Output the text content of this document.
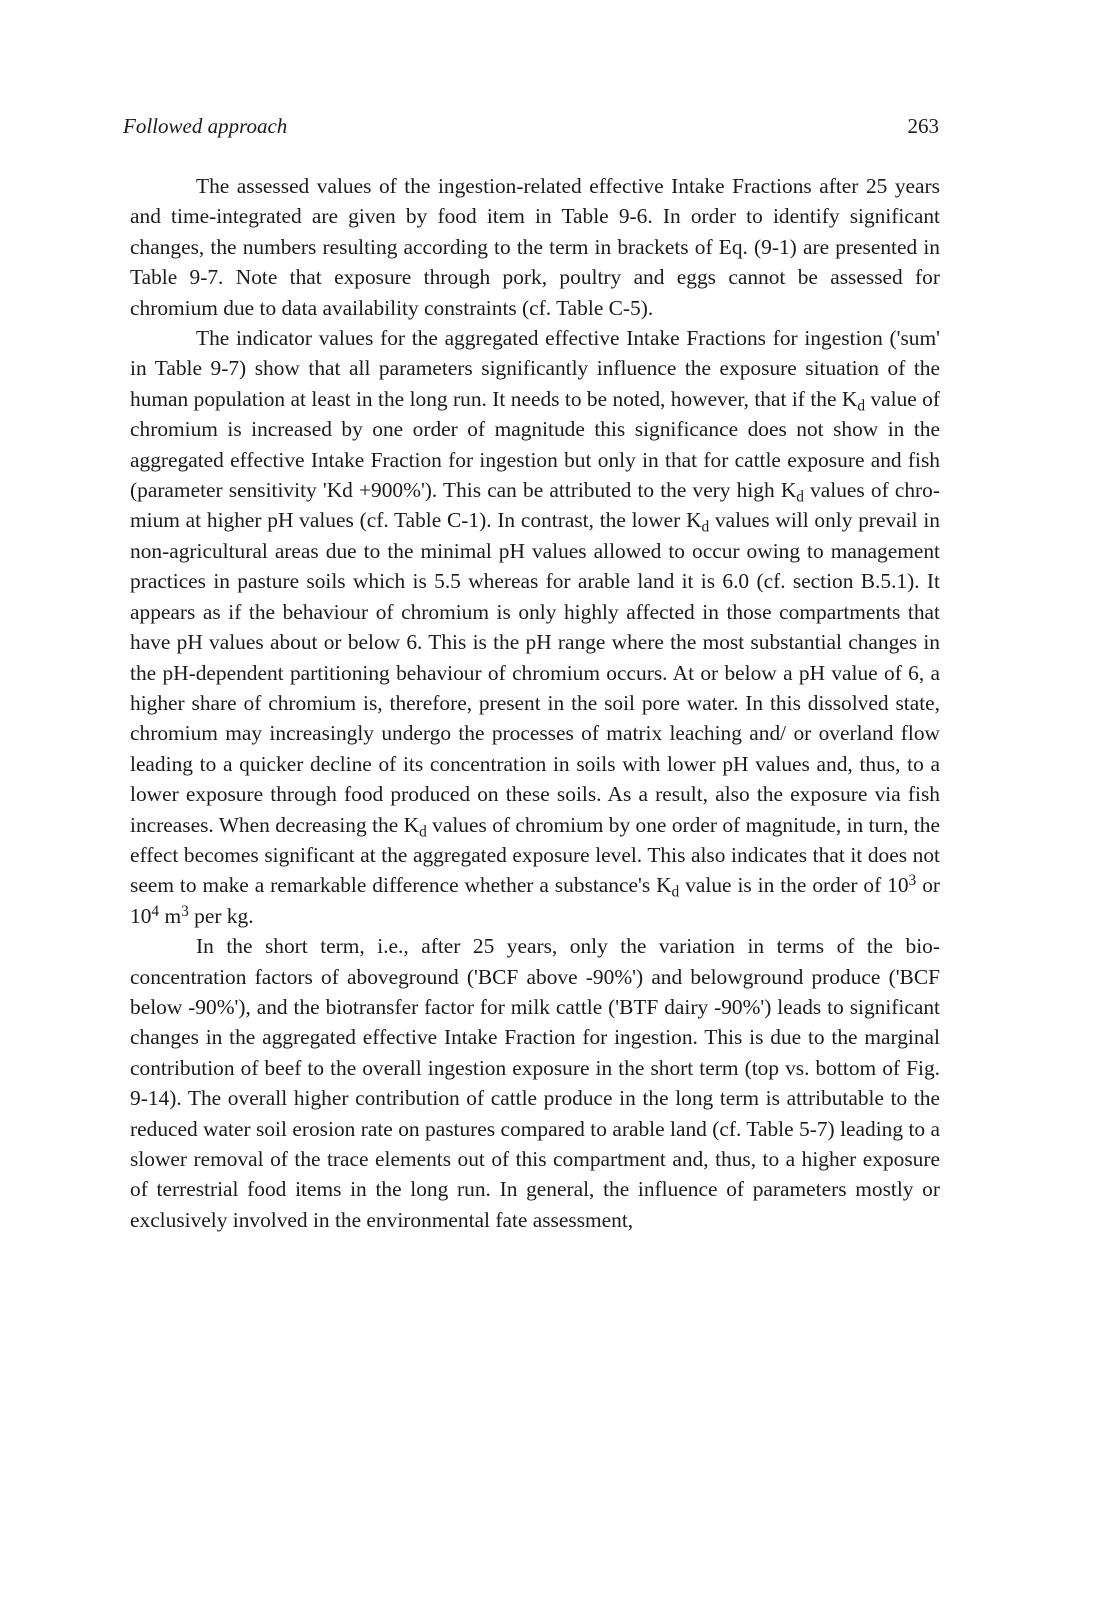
Followed approach	263

The assessed values of the ingestion-related effective Intake Fractions after 25 years and time-integrated are given by food item in Table 9-6. In order to identify significant changes, the numbers resulting according to the term in brackets of Eq. (9-1) are presented in Table 9-7. Note that exposure through pork, poultry and eggs cannot be assessed for chromium due to data availability constraints (cf. Table C-5).

The indicator values for the aggregated effective Intake Fractions for ingestion ('sum' in Table 9-7) show that all parameters significantly influence the exposure situation of the human population at least in the long run. It needs to be noted, however, that if the $K_d$ value of chromium is increased by one order of magnitude this significance does not show in the aggregated effective Intake Fraction for ingestion but only in that for cattle exposure and fish (parameter sensitivity 'Kd +900%'). This can be attributed to the very high $K_d$ values of chromium at higher pH values (cf. Table C-1). In contrast, the lower $K_d$ values will only prevail in non-agricultural areas due to the minimal pH values allowed to occur owing to management practices in pasture soils which is 5.5 whereas for arable land it is 6.0 (cf. section B.5.1). It appears as if the behaviour of chromium is only highly affected in those compartments that have pH values about or below 6. This is the pH range where the most substantial changes in the pH-dependent partitioning behaviour of chromium occurs. At or below a pH value of 6, a higher share of chromium is, therefore, present in the soil pore water. In this dissolved state, chromium may increasingly undergo the processes of matrix leaching and/ or overland flow leading to a quicker decline of its concentration in soils with lower pH values and, thus, to a lower exposure through food produced on these soils. As a result, also the exposure via fish increases. When decreasing the $K_d$ values of chromium by one order of magnitude, in turn, the effect becomes significant at the aggregated exposure level. This also indicates that it does not seem to make a remarkable difference whether a substance's $K_d$ value is in the order of $10^3$ or $10^4$ $m^3$ per kg.

In the short term, i.e., after 25 years, only the variation in terms of the bioconcentration factors of aboveground ('BCF above -90%') and belowground produce ('BCF below -90%'), and the biotransfer factor for milk cattle ('BTF dairy -90%') leads to significant changes in the aggregated effective Intake Fraction for ingestion. This is due to the marginal contribution of beef to the overall ingestion exposure in the short term (top vs. bottom of Fig. 9-14). The overall higher contribution of cattle produce in the long term is attributable to the reduced water soil erosion rate on pastures compared to arable land (cf. Table 5-7) leading to a slower removal of the trace elements out of this compartment and, thus, to a higher exposure of terrestrial food items in the long run. In general, the influence of parameters mostly or exclusively involved in the environmental fate assessment,
